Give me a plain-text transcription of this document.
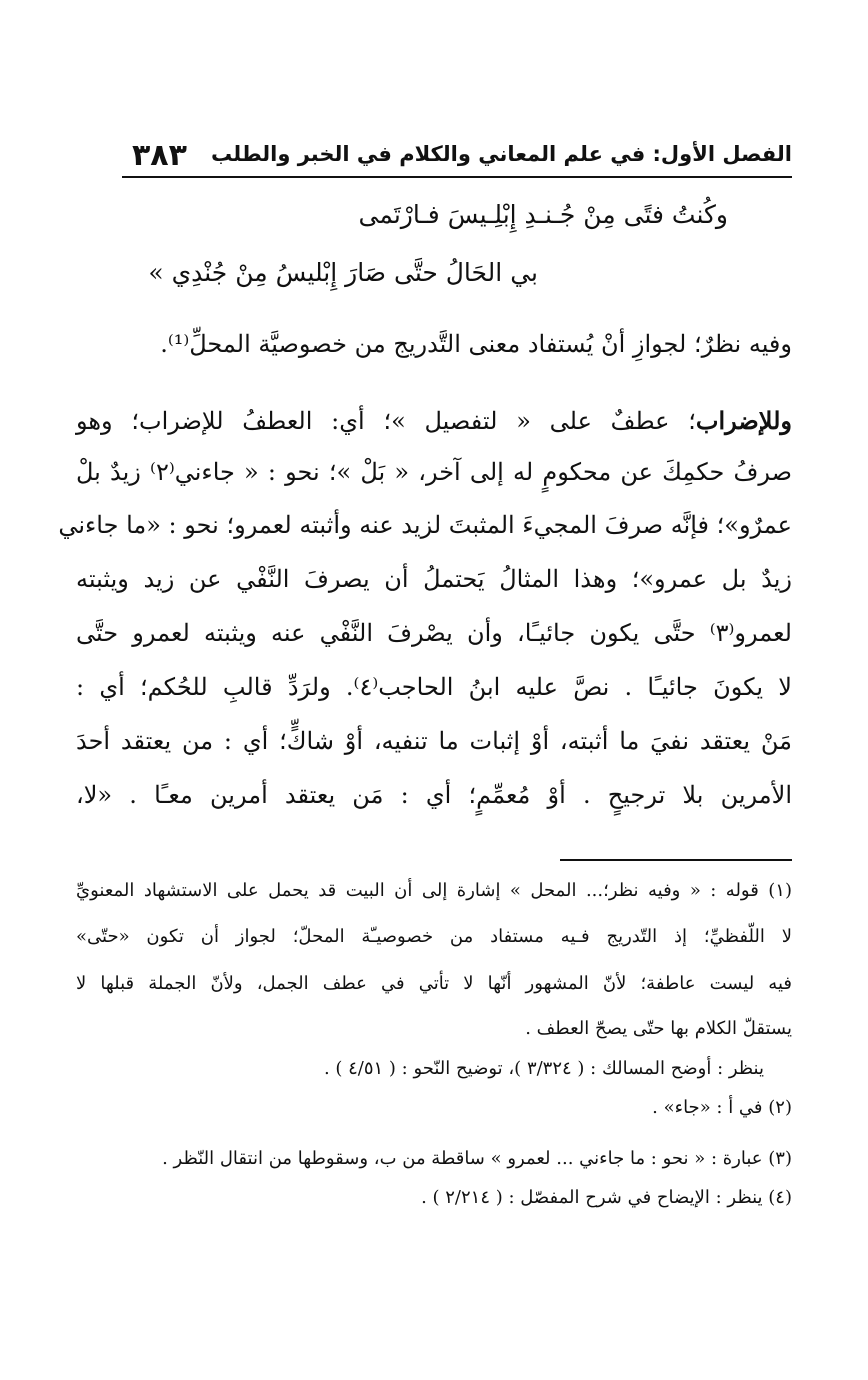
الفصل الأول: في علم المعاني والكلام في الخبر والطلب
٣٨٣
وكُنتُ فتًى مِنْ جُـنـدِ إِبْلِـيسَ فـارْتَمى
بي الحَالُ حتَّى صَارَ إِبْليسُ مِنْ جُنْدِي »
وفيه نظرٌ؛ لجوازِ أنْ يُستفاد معنى التَّدريج من خصوصيَّة المحلِّ⁽¹⁾.
وللإضراب؛ عطفٌ على « لتفصيل »؛ أي: العطفُ للإضراب؛ وهو
صرفُ حكمِكَ عن محكومٍ له إلى آخر، « بَلْ »؛ نحو : « جاءني⁽٢⁾ زيدٌ بلْ
عمرٌو»؛ فإنَّه صرفَ المجيءَ المثبتَ لزيد عنه وأثبته لعمرو؛ نحو : «ما جاءني
زيدٌ بل عمرو»؛ وهذا المثالُ يَحتملُ أن يصرفَ النَّفْي عن زيد ويثبته
لعمرو⁽٣⁾ حتَّى يكون جائيـًا، وأن يصْرفَ النَّفْي عنه ويثبته لعمرو حتَّى
لا يكونَ جائيـًا . نصَّ عليه ابنُ الحاجب⁽٤⁾. ولرَدِّ قالبِ للحُكم؛ أي :
مَنْ يعتقد نفيَ ما أثبته، أوْ إثبات ما تنفيه، أوْ شاكٍّ؛ أي : من يعتقد أحدَ
الأمرين بلا ترجيحٍ . أوْ مُعمِّمٍ؛ أي : مَن يعتقد أمرين معـًا . «لا،
(١) قوله : « وفيه نظر؛... المحل » إشارة إلى أن البيت قد يحمل على الاستشهاد المعنويِّ
لا اللّفظيِّ؛ إذ التّدريج فـيه مستفاد من خصوصيـّة المحلّ؛ لجواز أن تكون «حتّى»
فيه ليست عاطفة؛ لأنّ المشهور أنّها لا تأتي في عطف الجمل، ولأنّ الجملة قبلها لا
يستقلّ الكلام بها حتّى يصحّ العطف .
ينظر : أوضح المسالك : ( ٣/٣٢٤ )، توضيح النّحو : ( ٤/٥١ ) .
(٢) في أ : «جاء» .
(٣) عبارة : « نحو : ما جاءني ... لعمرو » ساقطة من ب، وسقوطها من انتقال النّظر .
(٤) ينظر : الإيضاح في شرح المفصّل : ( ٢/٢١٤ ) .
